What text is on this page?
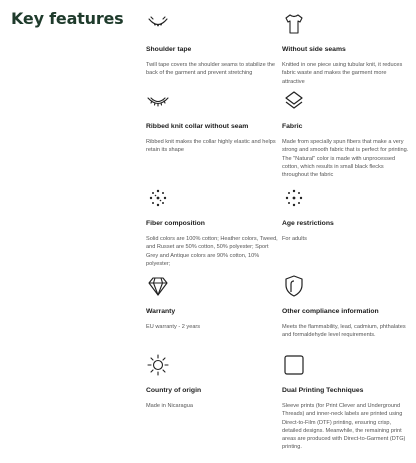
Key features
Shoulder tape
Twill tape covers the shoulder seams to stabilize the back of the garment and prevent stretching
Without side seams
Knitted in one piece using tubular knit, it reduces fabric waste and makes the garment more attractive
Ribbed knit collar without seam
Ribbed knit makes the collar highly elastic and helps retain its shape
Fabric
Made from specially spun fibers that make a very strong and smooth fabric that is perfect for printing. The "Natural" color is made with unprocessed cotton, which results in small black flecks throughout the fabric
Fiber composition
Solid colors are 100% cotton; Heather colors, Tweed, and Russet are 50% cotton, 50% polyester; Sport Grey and Antique colors are 90% cotton, 10% polyester;
Age restrictions
For adults
Warranty
EU warranty - 2 years
Other compliance information
Meets the flammability, lead, cadmium, phthalates and formaldehyde level requirements.
Country of origin
Made in Nicaragua
Dual Printing Techniques
Sleeve prints (for Print Clever and Underground Threads) and inner-neck labels are printed using Direct-to-Film (DTF) printing, ensuring crisp, detailed designs. Meanwhile, the remaining print areas are produced with Direct-to-Garment (DTG) printing.
